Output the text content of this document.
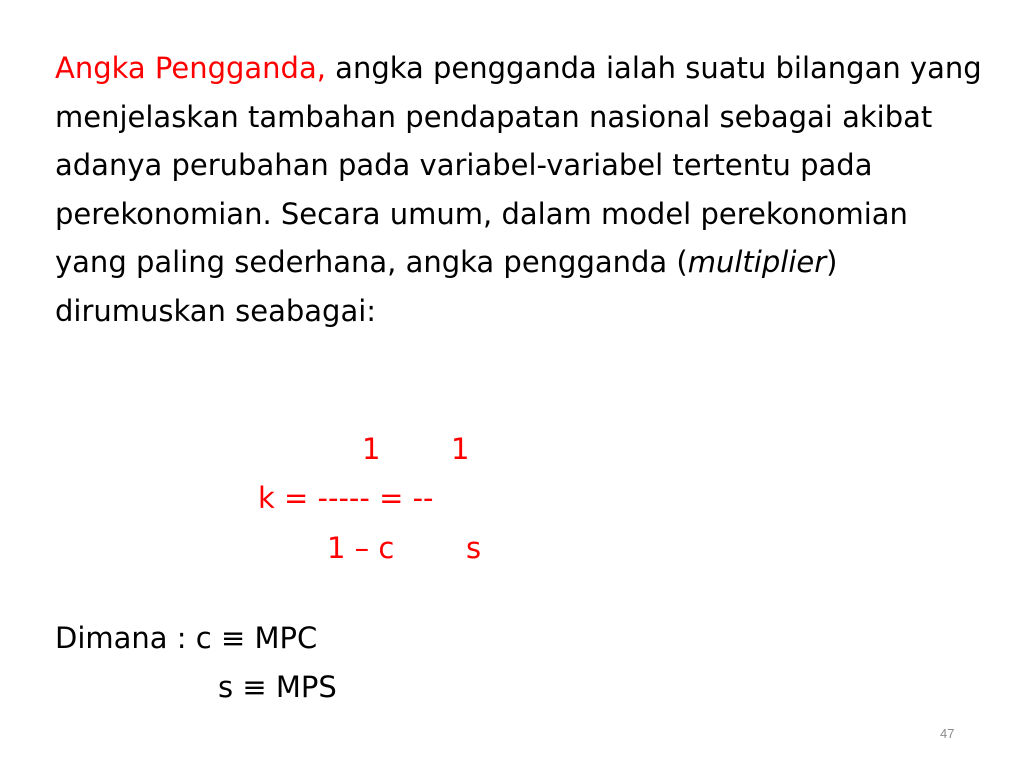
Angka Pengganda, angka pengganda ialah suatu bilangan yang menjelaskan tambahan pendapatan nasional sebagai akibat adanya perubahan pada variabel-variabel tertentu pada perekonomian. Secara umum, dalam model perekonomian yang paling sederhana, angka pengganda (multiplier) dirumuskan seabagai:

1 1
k = ----- = --
1 – c s
Dimana : c ≡ MPC
s ≡ MPS
47
